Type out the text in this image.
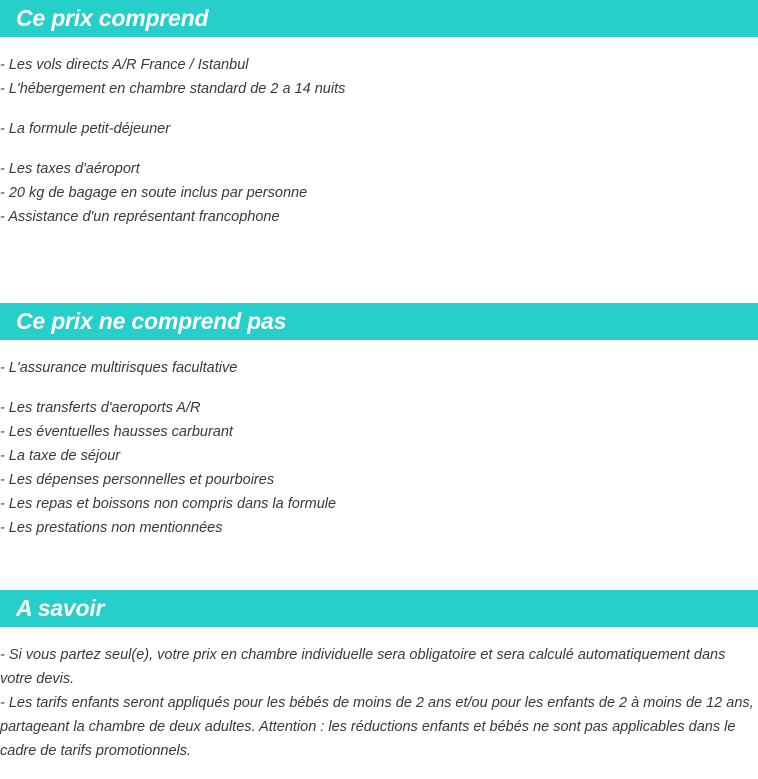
Ce prix comprend
- Les vols directs A/R France / Istanbul
- L'hébergement en chambre standard de 2 a 14 nuits
- La formule petit-déjeuner
- Les taxes d'aéroport
- 20 kg de bagage en soute inclus par personne
- Assistance d'un représentant francophone
Ce prix ne comprend pas
- L'assurance multirisques facultative
- Les transferts d'aeroports A/R
- Les éventuelles hausses carburant
- La taxe de séjour
- Les dépenses personnelles et pourboires
- Les repas et boissons non compris dans la formule
- Les prestations non mentionnées
A savoir
- Si vous partez seul(e), votre prix en chambre individuelle sera obligatoire et sera calculé automatiquement dans votre devis.
- Les tarifs enfants seront appliqués pour les bébés de moins de 2 ans et/ou pour les enfants de 2 à moins de 12 ans, partageant la chambre de deux adultes. Attention : les réductions enfants et bébés ne sont pas applicables dans le cadre de tarifs promotionnels.
